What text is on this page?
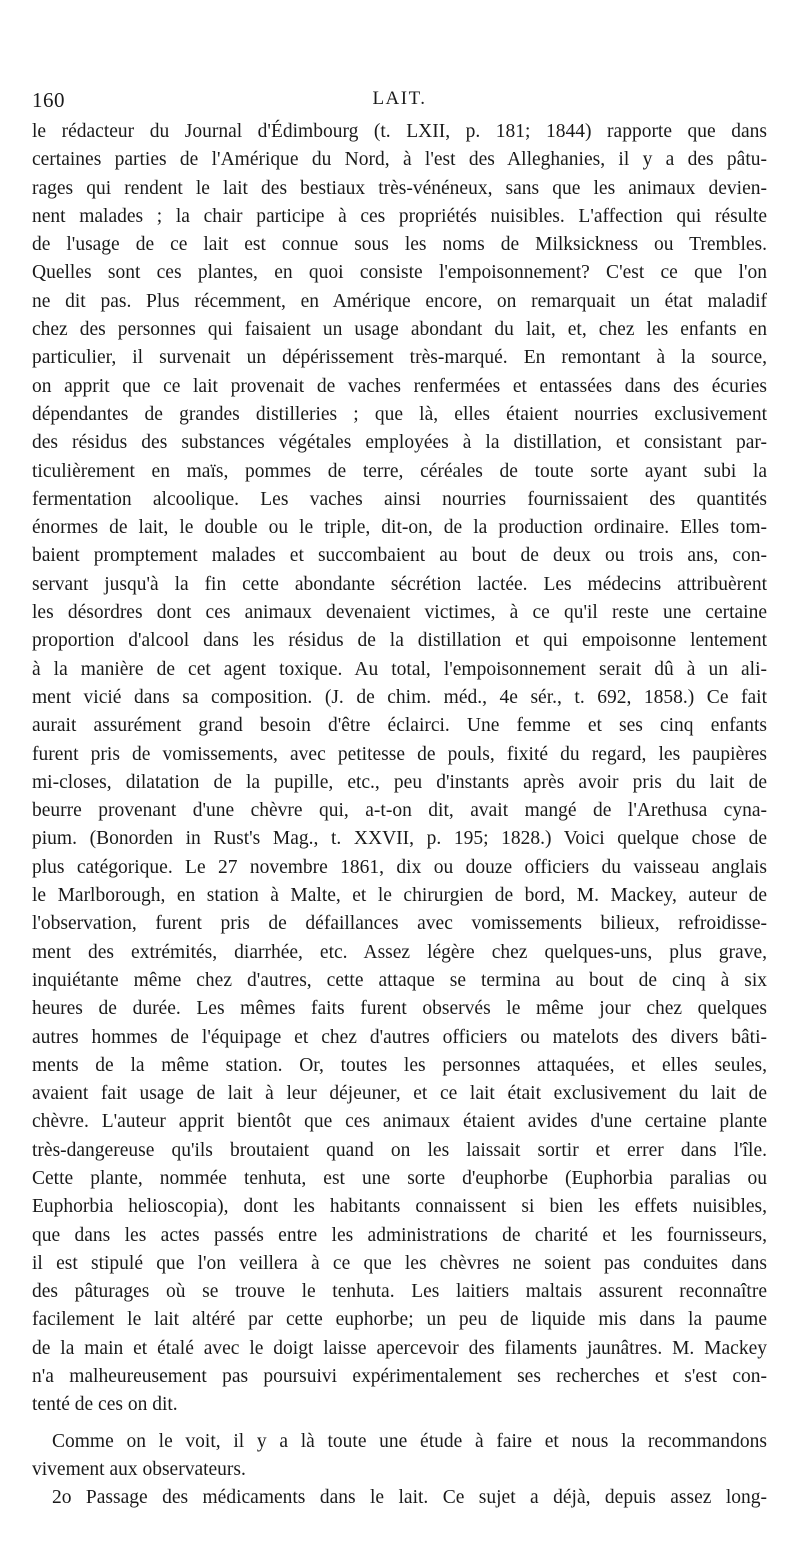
160	LAIT.
le rédacteur du Journal d'Édimbourg (t. LXII, p. 181; 1844) rapporte que dans
certaines parties de l'Amérique du Nord, à l'est des Alleghanies, il y a des pâtu-
rages qui rendent le lait des bestiaux très-vénéneux, sans que les animaux devien-
nent malades ; la chair participe à ces propriétés nuisibles. L'affection qui résulte
de l'usage de ce lait est connue sous les noms de Milksickness ou Trembles.
Quelles sont ces plantes, en quoi consiste l'empoisonnement? C'est ce que l'on
ne dit pas. Plus récemment, en Amérique encore, on remarquait un état maladif
chez des personnes qui faisaient un usage abondant du lait, et, chez les enfants en
particulier, il survenait un dépérissement très-marqué. En remontant à la source,
on apprit que ce lait provenait de vaches renfermées et entassées dans des écuries
dépendantes de grandes distilleries ; que là, elles étaient nourries exclusivement
des résidus des substances végétales employées à la distillation, et consistant par-
ticulièrement en maïs, pommes de terre, céréales de toute sorte ayant subi la
fermentation alcoolique. Les vaches ainsi nourries fournissaient des quantités
énormes de lait, le double ou le triple, dit-on, de la production ordinaire. Elles tom-
baient promptement malades et succombaient au bout de deux ou trois ans, con-
servant jusqu'à la fin cette abondante sécrétion lactée. Les médecins attribuèrent
les désordres dont ces animaux devenaient victimes, à ce qu'il reste une certaine
proportion d'alcool dans les résidus de la distillation et qui empoisonne lentement
à la manière de cet agent toxique. Au total, l'empoisonnement serait dû à un ali-
ment vicié dans sa composition. (J. de chim. méd., 4e sér., t. 692, 1858.) Ce fait
aurait assurément grand besoin d'être éclairci. Une femme et ses cinq enfants
furent pris de vomissements, avec petitesse de pouls, fixité du regard, les paupières
mi-closes, dilatation de la pupille, etc., peu d'instants après avoir pris du lait de
beurre provenant d'une chèvre qui, a-t-on dit, avait mangé de l'Arethusa cyna-
pium. (Bonorden in Rust's Mag., t. XXVII, p. 195; 1828.) Voici quelque chose de
plus catégorique. Le 27 novembre 1861, dix ou douze officiers du vaisseau anglais
le Marlborough, en station à Malte, et le chirurgien de bord, M. Mackey, auteur de
l'observation, furent pris de défaillances avec vomissements bilieux, refroidisse-
ment des extrémités, diarrhée, etc. Assez légère chez quelques-uns, plus grave,
inquiétante même chez d'autres, cette attaque se termina au bout de cinq à six
heures de durée. Les mêmes faits furent observés le même jour chez quelques
autres hommes de l'équipage et chez d'autres officiers ou matelots des divers bâti-
ments de la même station. Or, toutes les personnes attaquées, et elles seules,
avaient fait usage de lait à leur déjeuner, et ce lait était exclusivement du lait de
chèvre. L'auteur apprit bientôt que ces animaux étaient avides d'une certaine plante
très-dangereuse qu'ils broutaient quand on les laissait sortir et errer dans l'île.
Cette plante, nommée tenhuta, est une sorte d'euphorbe (Euphorbia paralias ou
Euphorbia helioscopia), dont les habitants connaissent si bien les effets nuisibles,
que dans les actes passés entre les administrations de charité et les fournisseurs,
il est stipulé que l'on veillera à ce que les chèvres ne soient pas conduites dans
des pâturages où se trouve le tenhuta. Les laitiers maltais assurent reconnaître
facilement le lait altéré par cette euphorbe; un peu de liquide mis dans la paume
de la main et étalé avec le doigt laisse apercevoir des filaments jaunâtres. M. Mackey
n'a malheureusement pas poursuivi expérimentalement ses recherches et s'est con-
tenté de ces on dit.
Comme on le voit, il y a là toute une étude à faire et nous la recommandons
vivement aux observateurs.
2o Passage des médicaments dans le lait. Ce sujet a déjà, depuis assez long-
